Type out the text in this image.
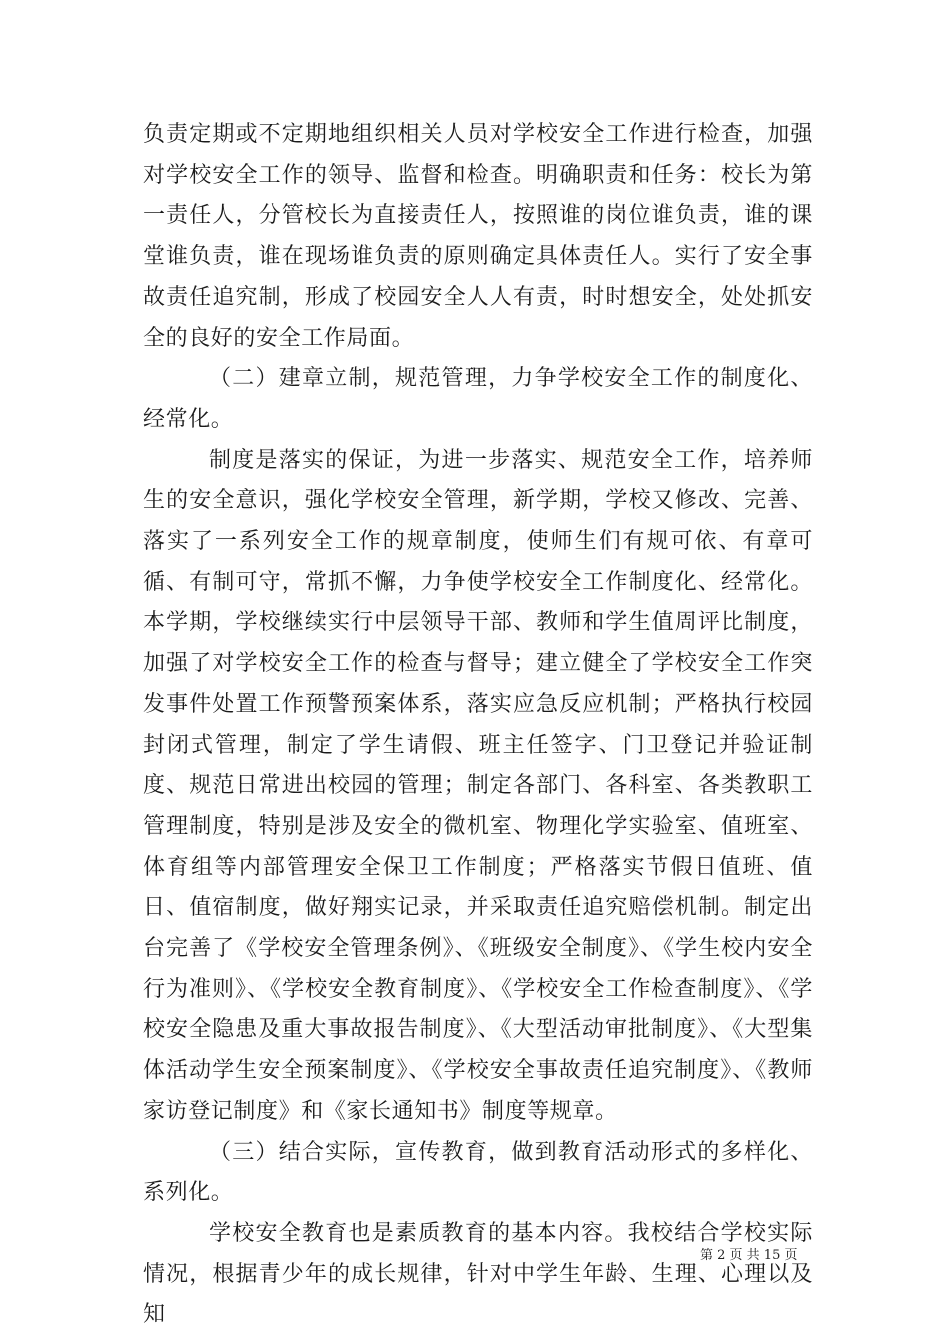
负责定期或不定期地组织相关人员对学校安全工作进行检查，加强对学校安全工作的领导、监督和检查。明确职责和任务：校长为第一责任人，分管校长为直接责任人，按照谁的岗位谁负责，谁的课堂谁负责，谁在现场谁负责的原则确定具体责任人。实行了安全事故责任追究制，形成了校园安全人人有责，时时想安全，处处抓安全的良好的安全工作局面。

（二）建章立制，规范管理，力争学校安全工作的制度化、经常化。

制度是落实的保证，为进一步落实、规范安全工作，培养师生的安全意识，强化学校安全管理，新学期，学校又修改、完善、落实了一系列安全工作的规章制度，使师生们有规可依、有章可循、有制可守，常抓不懈，力争使学校安全工作制度化、经常化。本学期，学校继续实行中层领导干部、教师和学生值周评比制度，加强了对学校安全工作的检查与督导；建立健全了学校安全工作突发事件处置工作预警预案体系，落实应急反应机制；严格执行校园封闭式管理，制定了学生请假、班主任签字、门卫登记并验证制度、规范日常进出校园的管理；制定各部门、各科室、各类教职工管理制度，特别是涉及安全的微机室、物理化学实验室、值班室、体育组等内部管理安全保卫工作制度；严格落实节假日值班、值日、值宿制度，做好翔实记录，并采取责任追究赔偿机制。制定出台完善了《学校安全管理条例》、《班级安全制度》、《学生校内安全行为准则》、《学校安全教育制度》、《学校安全工作检查制度》、《学校安全隐患及重大事故报告制度》、《大型活动审批制度》、《大型集体活动学生安全预案制度》、《学校安全事故责任追究制度》、《教师家访登记制度》和《家长通知书》制度等规章。

（三）结合实际，宣传教育，做到教育活动形式的多样化、系列化。

学校安全教育也是素质教育的基本内容。我校结合学校实际情况，根据青少年的成长规律，针对中学生年龄、生理、心理以及知

第 2 页 共 15 页
